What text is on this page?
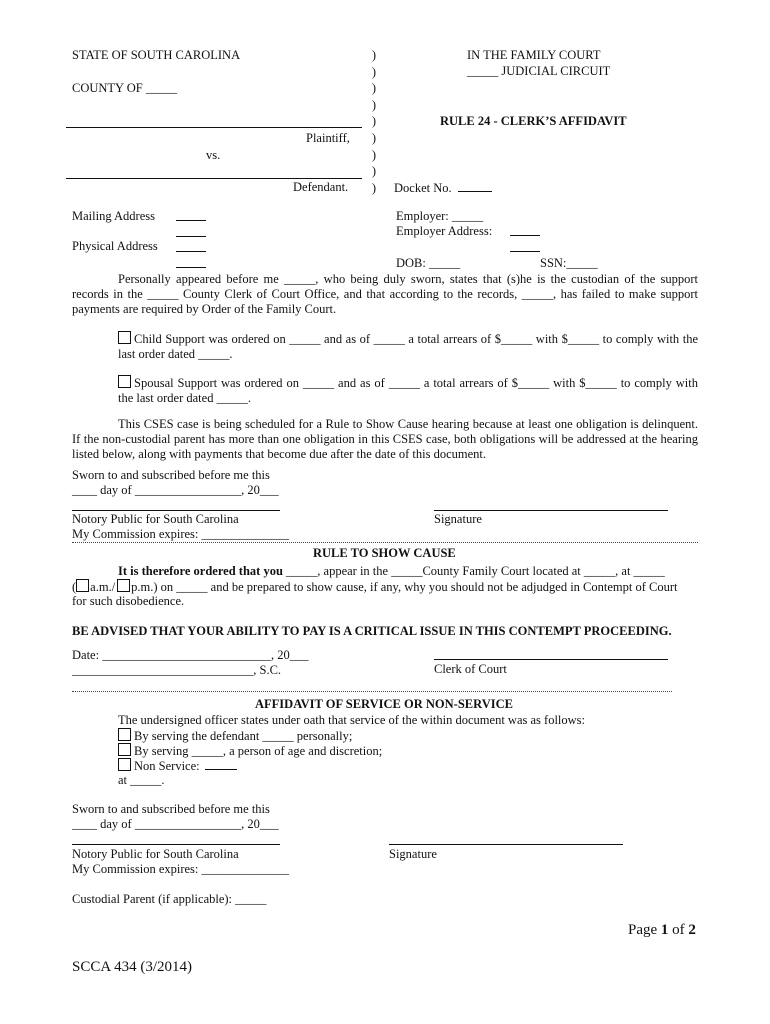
STATE OF SOUTH CAROLINA
COUNTY OF _____
IN THE FAMILY COURT
_____ JUDICIAL CIRCUIT
RULE 24 - CLERK’S AFFIDAVIT
)
)
)
)
)
)
)
)
)
Plaintiff,
vs.
Defendant.	Docket No.
Mailing Address
Physical Address
Employer: _____
Employer Address:
DOB: _____	SSN:_____
Personally appeared before me _____, who being duly sworn, states that (s)he is the custodian of the support records in the _____ County Clerk of Court Office, and that according to the records, _____, has failed to make support payments are required by Order of the Family Court.
Child Support was ordered on _____ and as of _____ a total arrears of $_____ with $_____ to comply with the last order dated _____.
Spousal Support was ordered on _____ and as of _____ a total arrears of $_____ with $_____ to comply with the last order dated _____.
This CSES case is being scheduled for a Rule to Show Cause hearing because at least one obligation is delinquent. If the non-custodial parent has more than one obligation in this CSES case, both obligations will be addressed at the hearing listed below, along with payments that become due after the date of this document.
Sworn to and subscribed before me this
____ day of _________________, 20___
Notory Public for South Carolina	Signature
My Commission expires: ______________
RULE TO SHOW CAUSE
It is therefore ordered that you _____, appear in the _____County Family Court located at _____, at _____
( a.m./ p.m.) on _____ and be prepared to show cause, if any, why you should not be adjudged in Contempt of Court
for such disobedience.
BE ADVISED THAT YOUR ABILITY TO PAY IS A CRITICAL ISSUE IN THIS CONTEMPT PROCEEDING.
Date: ___________________________, 20___
_____________________________, S.C.	Clerk of Court
AFFIDAVIT OF SERVICE OR NON-SERVICE
The undersigned officer states under oath that service of the within document was as follows:
By serving the defendant _____ personally;
By serving _____, a person of age and discretion;
Non Service:
at _____.
Sworn to and subscribed before me this
____ day of _________________, 20___
Notory Public for South Carolina	Signature
My Commission expires: ______________
Custodial Parent (if applicable): _____
Page 1 of 2
SCCA 434 (3/2014)
